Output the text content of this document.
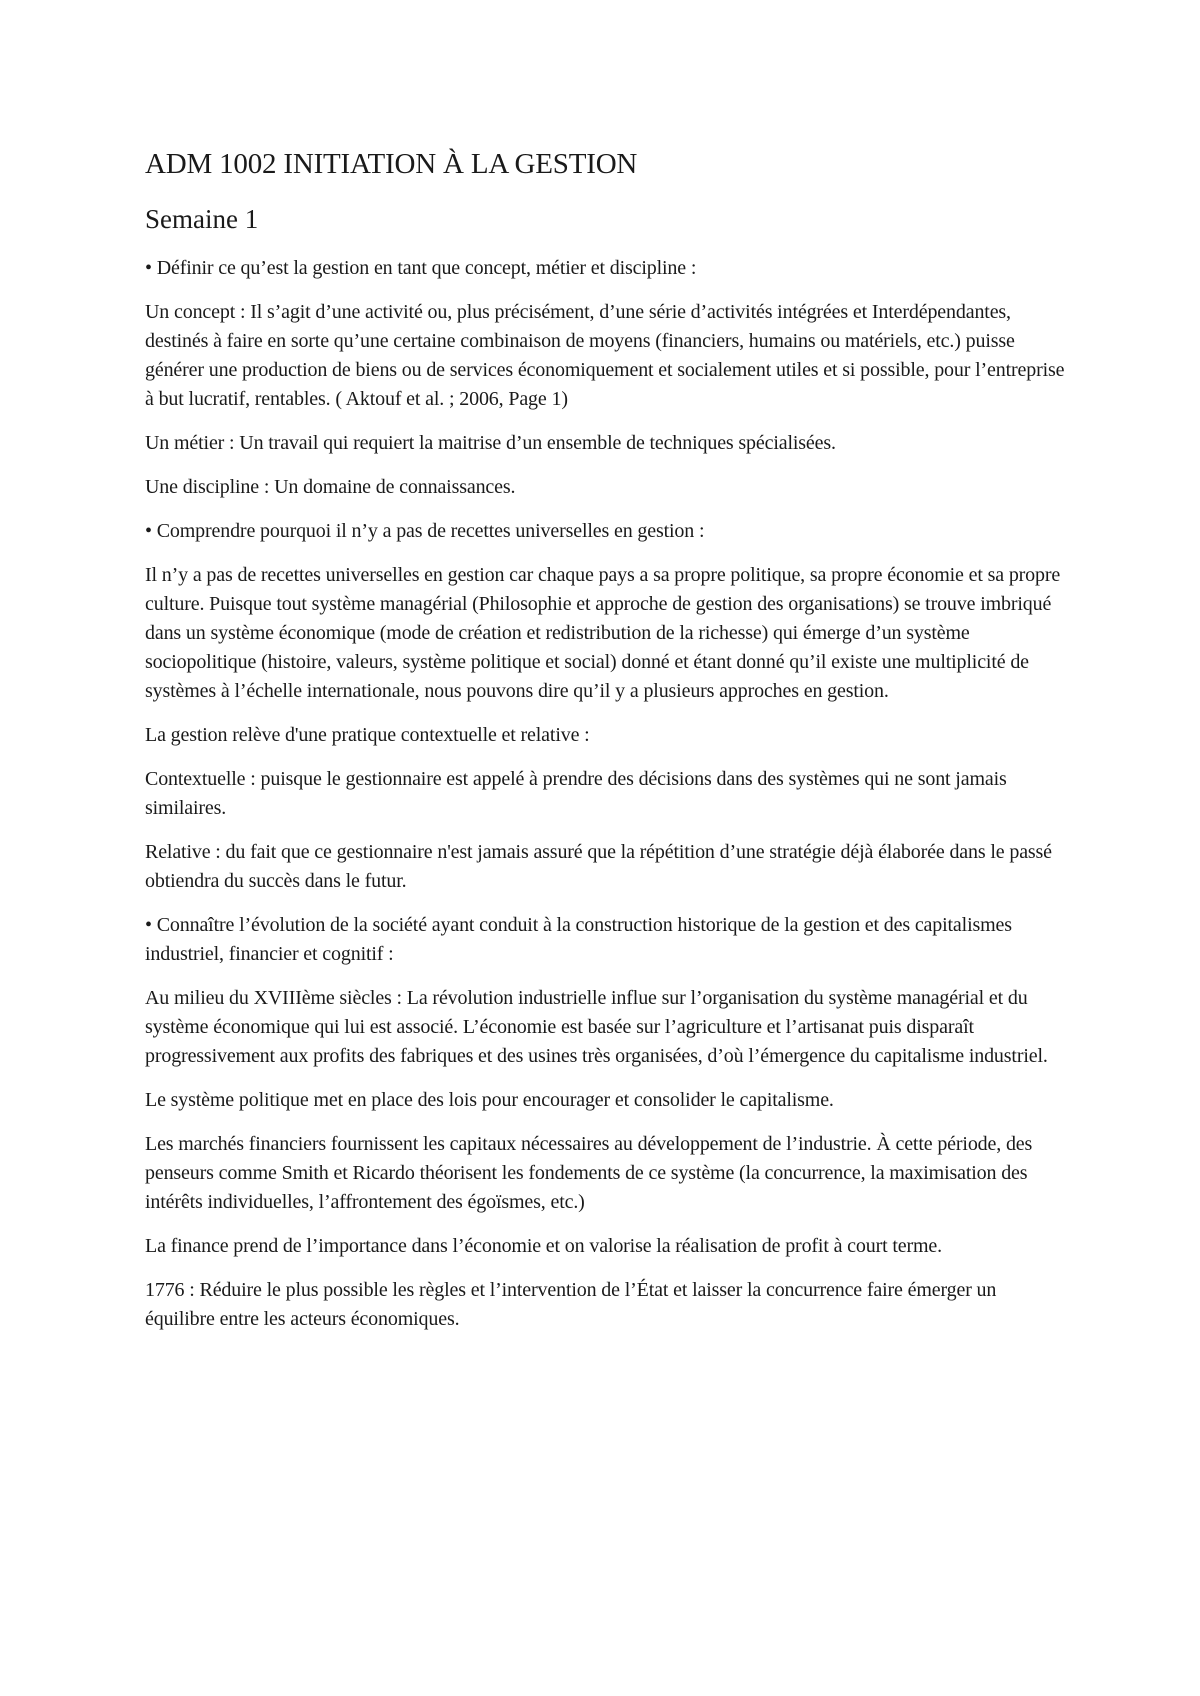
ADM 1002 INITIATION À LA GESTION
Semaine 1

• Définir ce qu’est la gestion en tant que concept, métier et discipline :

Un concept : Il s’agit d’une activité ou, plus précisément, d’une série d’activités intégrées et Interdépendantes, destinés à faire en sorte qu’une certaine combinaison de moyens (financiers, humains ou matériels, etc.) puisse générer une production de biens ou de services économiquement et socialement utiles et si possible, pour l’entreprise à but lucratif, rentables. ( Aktouf et al. ; 2006, Page 1)

Un métier : Un travail qui requiert la maitrise d’un ensemble de techniques spécialisées.

Une discipline : Un domaine de connaissances.

• Comprendre pourquoi il n’y a pas de recettes universelles en gestion :

Il n’y a pas de recettes universelles en gestion car chaque pays a sa propre politique, sa propre économie et sa propre culture. Puisque tout système managérial (Philosophie et approche de gestion des organisations) se trouve imbriqué dans un système économique (mode de création et redistribution de la richesse) qui émerge d’un système sociopolitique (histoire, valeurs, système politique et social) donné et étant donné qu’il existe une multiplicité de systèmes à l’échelle internationale, nous pouvons dire qu’il y a plusieurs approches en gestion.

La gestion relève d'une pratique contextuelle et relative :

Contextuelle : puisque le gestionnaire est appelé à prendre des décisions dans des systèmes qui ne sont jamais similaires.

Relative : du fait que ce gestionnaire n'est jamais assuré que la répétition d’une stratégie déjà élaborée dans le passé obtiendra du succès dans le futur.

• Connaître l’évolution de la société ayant conduit à la construction historique de la gestion et des capitalismes industriel, financier et cognitif :

Au milieu du XVIIIème siècles : La révolution industrielle influe sur l’organisation du système managérial et du système économique qui lui est associé. L’économie est basée sur l’agriculture et l’artisanat puis disparaît progressivement aux profits des fabriques et des usines très organisées, d’où l’émergence du capitalisme industriel.

Le système politique met en place des lois pour encourager et consolider le capitalisme.

Les marchés financiers fournissent les capitaux nécessaires au développement de l’industrie. À cette période, des penseurs comme Smith et Ricardo théorisent les fondements de ce système (la concurrence, la maximisation des intérêts individuelles, l’affrontement des égoïsmes, etc.)

La finance prend de l’importance dans l’économie et on valorise la réalisation de profit à court terme.

1776 : Réduire le plus possible les règles et l’intervention de l’État et laisser la concurrence faire émerger un équilibre entre les acteurs économiques.
